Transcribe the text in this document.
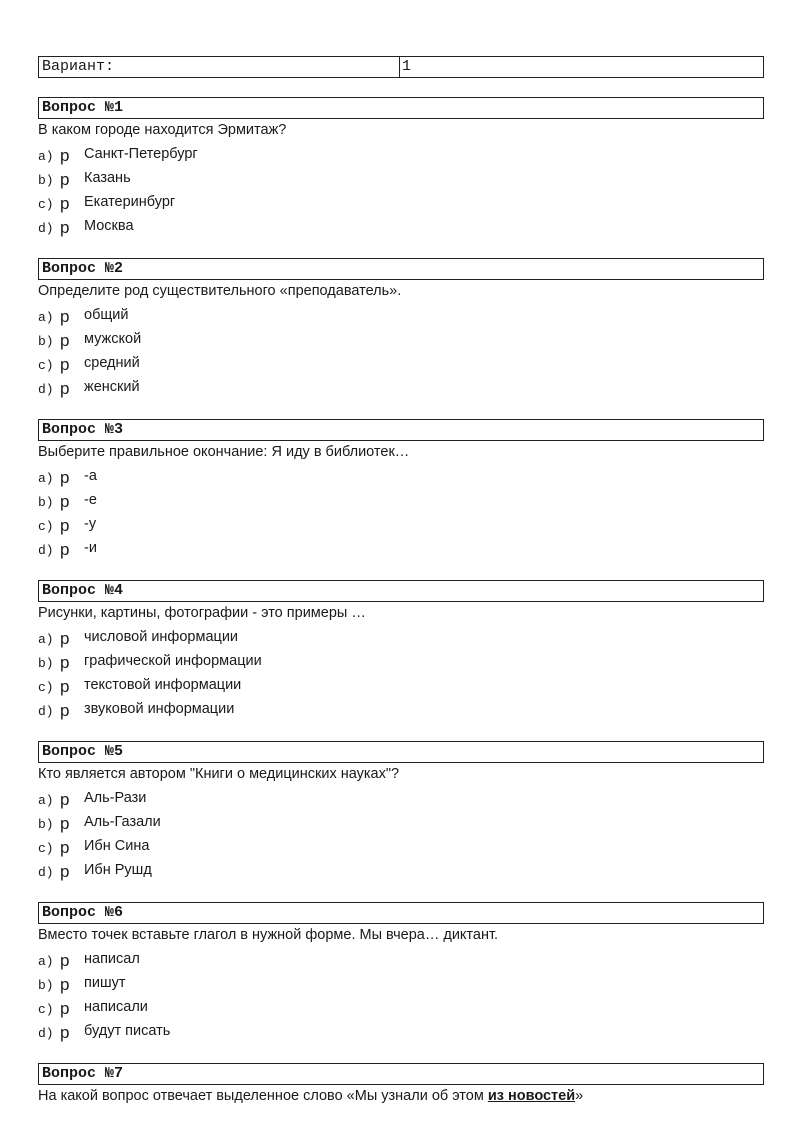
Вариант:	1
Вопрос №1
В каком городе находится Эрмитаж?
a) p	Санкт-Петербург
b) p	Казань
c) p	Екатеринбург
d) p	Москва
Вопрос №2
Определите род существительного «преподаватель».
a) p	общий
b) p	мужской
c) p	средний
d) p	женский
Вопрос №3
Выберите правильное окончание: Я иду в библиотек…
a) p	-а
b) p	-е
c) p	-у
d) p	-и
Вопрос №4
Рисунки, картины, фотографии - это примеры …
a) p	числовой информации
b) p	графической информации
c) p	текстовой информации
d) p	звуковой информации
Вопрос №5
Кто является автором "Книги о медицинских науках"?
a) p	Аль-Рази
b) p	Аль-Газали
c) p	Ибн Сина
d) p	Ибн Рушд
Вопрос №6
Вместо точек вставьте глагол в нужной форме. Мы вчера… диктант.
a) p	написал
b) p	пишут
c) p	написали
d) p	будут писать
Вопрос №7
На какой вопрос отвечает выделенное слово «Мы узнали об этом из новостей»
